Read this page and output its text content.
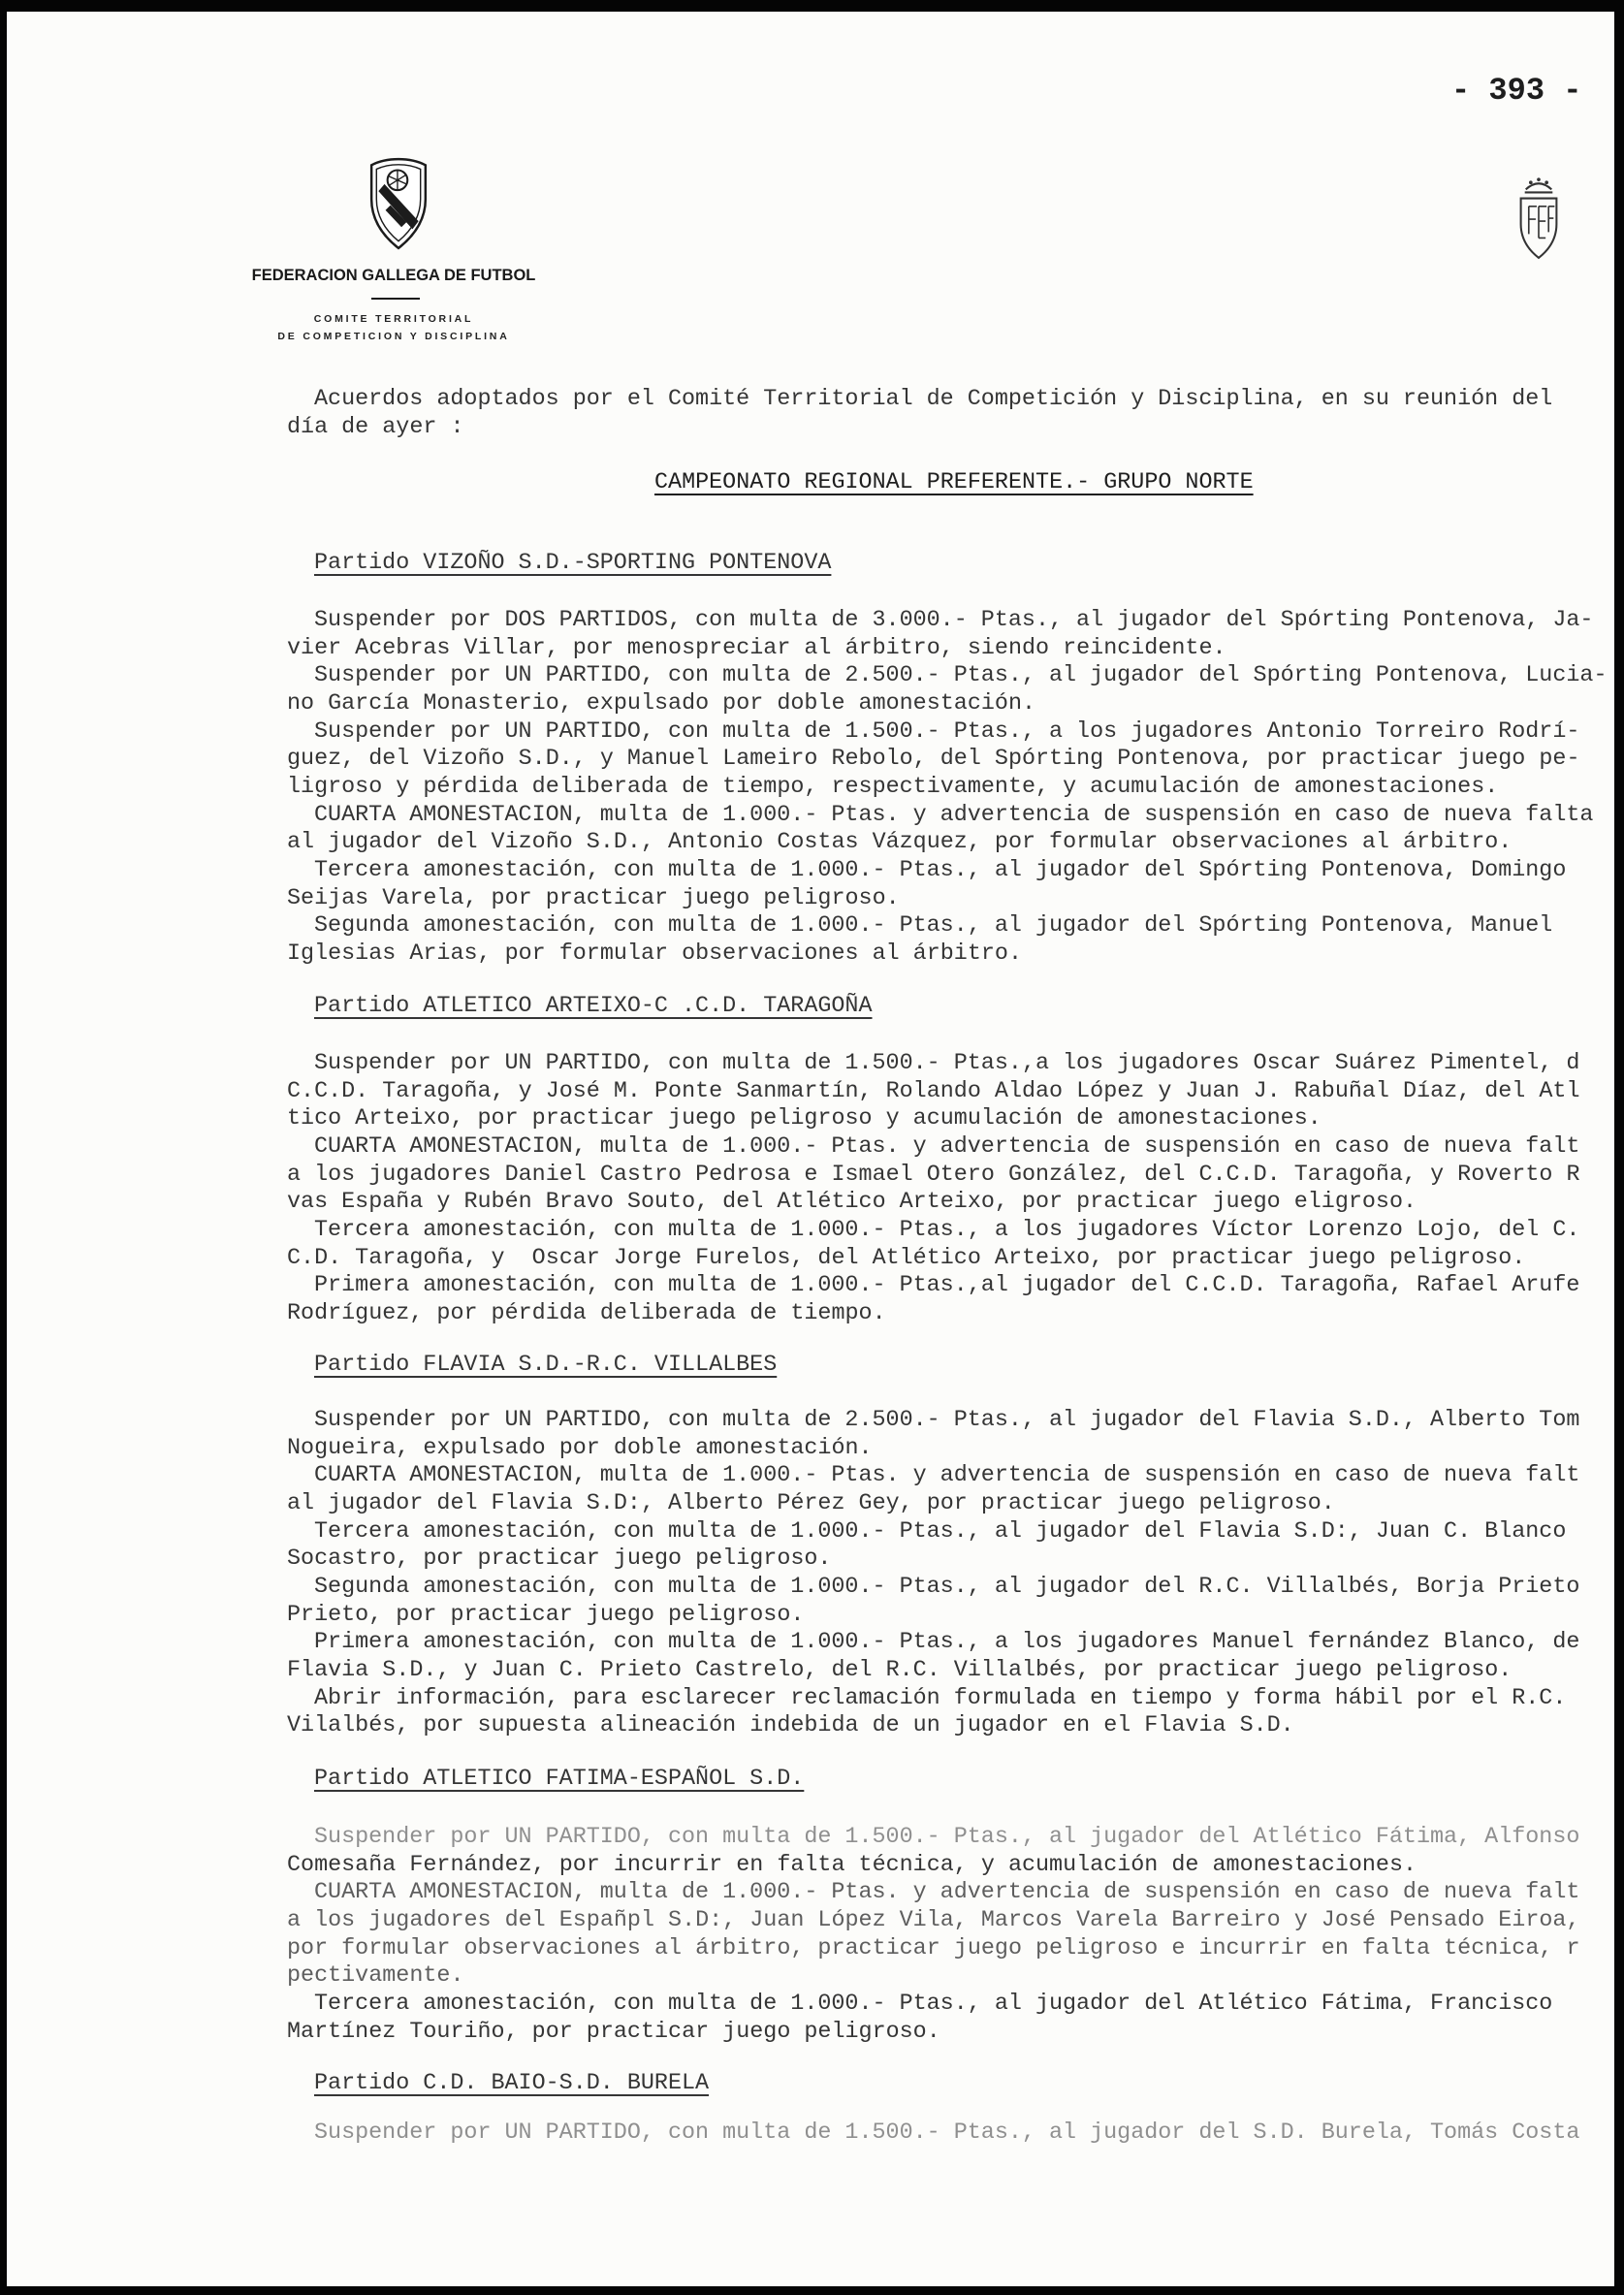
- 393 -
FEDERACION GALLEGA DE FUTBOL
COMITE TERRITORIAL
DE COMPETICION Y DISCIPLINA
Acuerdos adoptados por el Comité Territorial de Competición y Disciplina, en su reunión del
día de ayer :
CAMPEONATO REGIONAL PREFERENTE.- GRUPO NORTE
Partido VIZOÑO S.D.-SPORTING PONTENOVA
Suspender por DOS PARTIDOS, con multa de 3.000.- Ptas., al jugador del Spórting Pontenova, Ja-
vier Acebras Villar, por menospreciar al árbitro, siendo reincidente.
Suspender por UN PARTIDO, con multa de 2.500.- Ptas., al jugador del Spórting Pontenova, Lucia-
no García Monasterio, expulsado por doble amonestación.
Suspender por UN PARTIDO, con multa de 1.500.- Ptas., a los jugadores Antonio Torreiro Rodrí-
guez, del Vizoño S.D., y Manuel Lameiro Rebolo, del Spórting Pontenova, por practicar juego pe-
ligroso y pérdida deliberada de tiempo, respectivamente, y acumulación de amonestaciones.
CUARTA AMONESTACION, multa de 1.000.- Ptas. y advertencia de suspensión en caso de nueva falta
al jugador del Vizoño S.D., Antonio Costas Vázquez, por formular observaciones al árbitro.
Tercera amonestación, con multa de 1.000.- Ptas., al jugador del Spórting Pontenova, Domingo
Seijas Varela, por practicar juego peligroso.
Segunda amonestación, con multa de 1.000.- Ptas., al jugador del Spórting Pontenova, Manuel
Iglesias Arias, por formular observaciones al árbitro.
Partido ATLETICO ARTEIXO-C .C.D. TARAGOÑA
Suspender por UN PARTIDO, con multa de 1.500.- Ptas.,a los jugadores Oscar Suárez Pimentel, d
C.C.D. Taragoña, y José M. Ponte Sanmartín, Rolando Aldao López y Juan J. Rabuñal Díaz, del Atl
tico Arteixo, por practicar juego peligroso y acumulación de amonestaciones.
CUARTA AMONESTACION, multa de 1.000.- Ptas. y advertencia de suspensión en caso de nueva falt
a los jugadores Daniel Castro Pedrosa e Ismael Otero González, del C.C.D. Taragoña, y Roverto R
vas España y Rubén Bravo Souto, del Atlético Arteixo, por practicar juego eligroso.
Tercera amonestación, con multa de 1.000.- Ptas., a los jugadores Víctor Lorenzo Lojo, del C.
C.D. Taragoña, y  Oscar Jorge Furelos, del Atlético Arteixo, por practicar juego peligroso.
Primera amonestación, con multa de 1.000.- Ptas.,al jugador del C.C.D. Taragoña, Rafael Arufe
Rodríguez, por pérdida deliberada de tiempo.
Partido FLAVIA S.D.-R.C. VILLALBES
Suspender por UN PARTIDO, con multa de 2.500.- Ptas., al jugador del Flavia S.D., Alberto Tom
Nogueira, expulsado por doble amonestación.
CUARTA AMONESTACION, multa de 1.000.- Ptas. y advertencia de suspensión en caso de nueva falt
al jugador del Flavia S.D:, Alberto Pérez Gey, por practicar juego peligroso.
Tercera amonestación, con multa de 1.000.- Ptas., al jugador del Flavia S.D:, Juan C. Blanco
Socastro, por practicar juego peligroso.
Segunda amonestación, con multa de 1.000.- Ptas., al jugador del R.C. Villalbés, Borja Prieto
Prieto, por practicar juego peligroso.
Primera amonestación, con multa de 1.000.- Ptas., a los jugadores Manuel fernández Blanco, de
Flavia S.D., y Juan C. Prieto Castrelo, del R.C. Villalbés, por practicar juego peligroso.
Abrir información, para esclarecer reclamación formulada en tiempo y forma hábil por el R.C.
Vilalbés, por supuesta alineación indebida de un jugador en el Flavia S.D.
Partido ATLETICO FATIMA-ESPAÑOL S.D.
Suspender por UN PARTIDO, con multa de 1.500.- Ptas., al jugador del Atlético Fátima, Alfonso
Comesaña Fernández, por incurrir en falta técnica, y acumulación de amonestaciones.
CUARTA AMONESTACION, multa de 1.000.- Ptas. y advertencia de suspensión en caso de nueva falt
a los jugadores del Españpl S.D:, Juan López Vila, Marcos Varela Barreiro y José Pensado Eiroa,
por formular observaciones al árbitro, practicar juego peligroso e incurrir en falta técnica, r
pectivamente.
Tercera amonestación, con multa de 1.000.- Ptas., al jugador del Atlético Fátima, Francisco
Martínez Touriño, por practicar juego peligroso.
Partido C.D. BAIO-S.D. BURELA
Suspender por UN PARTIDO, con multa de 1.500.- Ptas., al jugador del S.D. Burela, Tomás Costa
